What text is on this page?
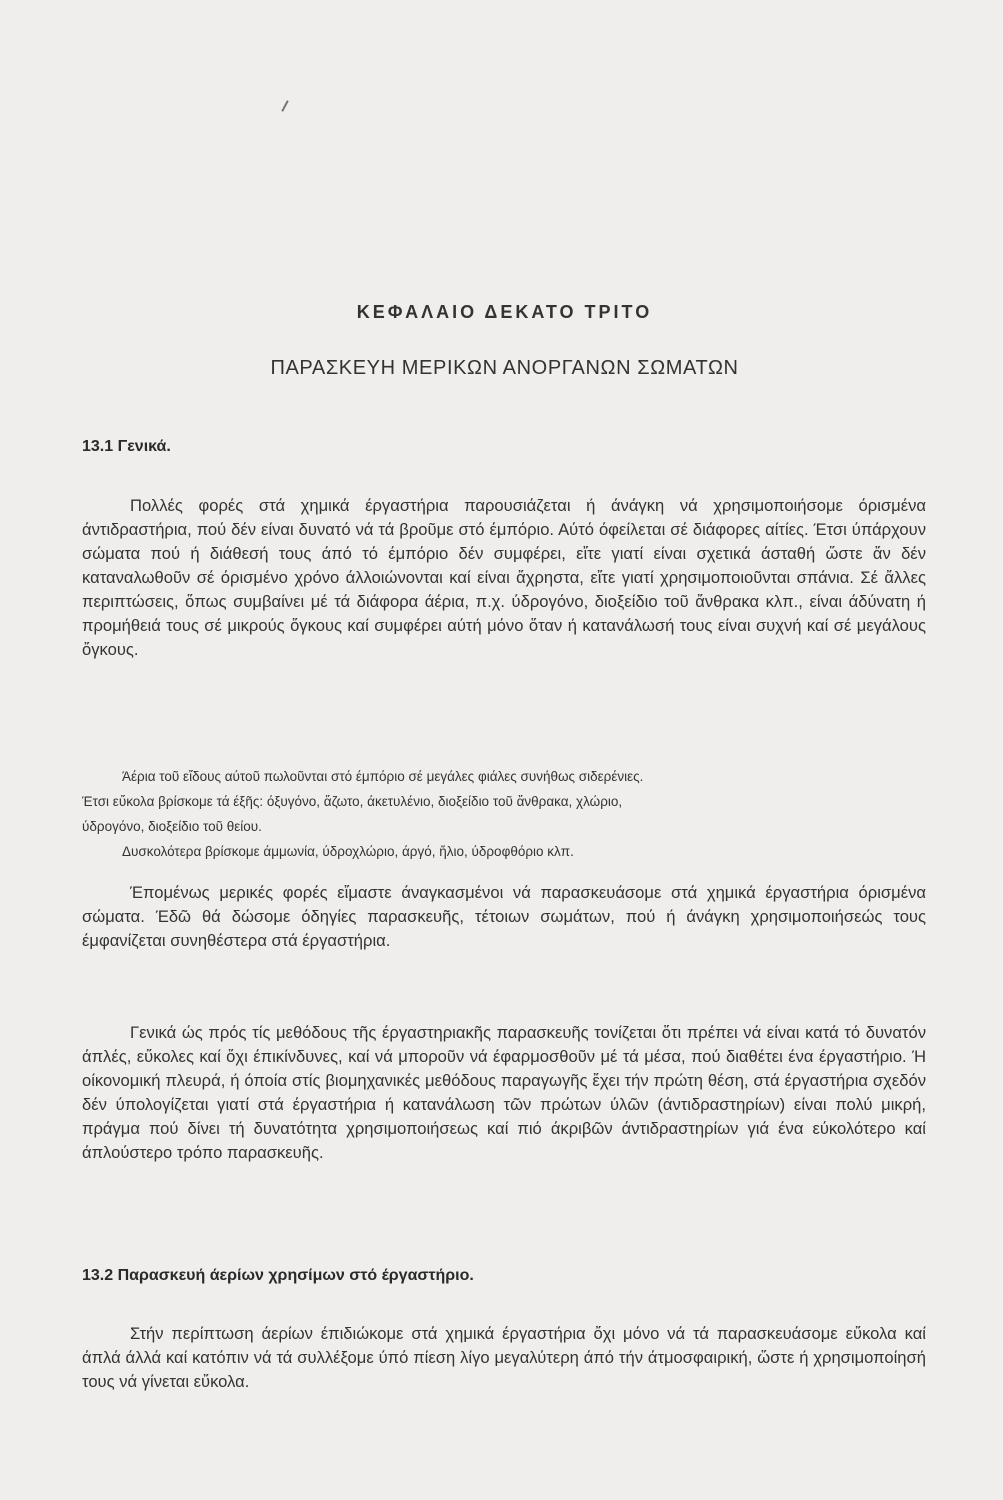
ΚΕΦΑΛΑΙΟ ΔΕΚΑΤΟ ΤΡΙΤΟ
ΠΑΡΑΣΚΕΥΗ ΜΕΡΙΚΩΝ ΑΝΟΡΓΑΝΩΝ ΣΩΜΑΤΩΝ
13.1 Γενικά.

Πολλές φορές στά χημικά έργαστήρια παρουσιάζεται ή άνάγκη νά χρησιμοποιήσομε όρισμένα άντιδραστήρια, πού δέν είναι δυνατό νά τά βροῦμε στό έμπόριο. Αύτό όφείλεται σέ διάφορες αίτίες. Έτσι ύπάρχουν σώματα πού ή διάθεσή τους άπό τό έμπόριο δέν συμφέρει, εἴτε γιατί είναι σχετικά άσταθή ὥστε ἄν δέν καταναλωθοῦν σέ όρισμένο χρόνο άλλοιώνονται καί είναι ἄχρηστα, εἴτε γιατί χρησιμοποιοῦνται σπάνια. Σέ ἄλλες περιπτώσεις, ὅπως συμβαίνει μέ τά διάφορα άέρια, π.χ. ύδρογόνο, διοξείδιο τοῦ ἄνθρακα κλπ., είναι άδύνατη ή προμήθειά τους σέ μικρούς ὄγκους καί συμφέρει αύτή μόνο ὅταν ή κατανάλωσή τους είναι συχνή καί σέ μεγάλους ὄγκους.

Άέρια τοῦ εἴδους αύτοῦ πωλοῦνται στό έμπόριο σέ μεγάλες φιάλες συνήθως σιδερένιες.

Έτσι εὔκολα βρίσκομε τά έξῆς: όξυγόνο, ἄζωτο, άκετυλένιο, διοξείδιο τοῦ ἄνθρακα, χλώριο,

ύδρογόνο, διοξείδιο τοῦ θείου.

Δυσκολότερα βρίσκομε άμμωνία, ύδροχλώριο, άργό, ἥλιο, ύδροφθόριο κλπ.

Έπομένως μερικές φορές εἴμαστε άναγκασμένοι νά παρασκευάσομε στά χημικά έργαστήρια όρισμένα σώματα. Έδῶ θά δώσομε όδηγίες παρασκευῆς, τέτοιων σωμάτων, πού ή άνάγκη χρησιμοποιήσεώς τους έμφανίζεται συνηθέστερα στά έργαστήρια.

Γενικά ώς πρός τίς μεθόδους τῆς έργαστηριακῆς παρασκευῆς τονίζεται ὅτι πρέπει νά είναι κατά τό δυνατόν άπλές, εὔκολες καί ὄχι έπικίνδυνες, καί νά μποροῦν νά έφαρμοσθοῦν μέ τά μέσα, πού διαθέτει ένα έργαστήριο. Ή οίκονομική πλευρά, ή όποία στίς βιομηχανικές μεθόδους παραγωγῆς ἔχει τήν πρώτη θέση, στά έργαστήρια σχεδόν δέν ύπολογίζεται γιατί στά έργαστήρια ή κατανάλωση τῶν πρώτων ύλῶν (άντιδραστηρίων) είναι πολύ μικρή, πράγμα πού δίνει τή δυνατότητα χρησιμοποιήσεως καί πιό άκριβῶν άντιδραστηρίων γιά ένα εύκολότερο καί άπλούστερο τρόπο παρασκευῆς.

13.2 Παρασκευή άερίων χρησίμων στό έργαστήριο.

Στήν περίπτωση άερίων έπιδιώκομε στά χημικά έργαστήρια ὄχι μόνο νά τά παρασκευάσομε εὔκολα καί άπλά άλλά καί κατόπιν νά τά συλλέξομε ύπό πίεση λίγο μεγαλύτερη άπό τήν άτμοσφαιρική, ὥστε ή χρησιμοποίησή τους νά γίνεται εὔκολα.
